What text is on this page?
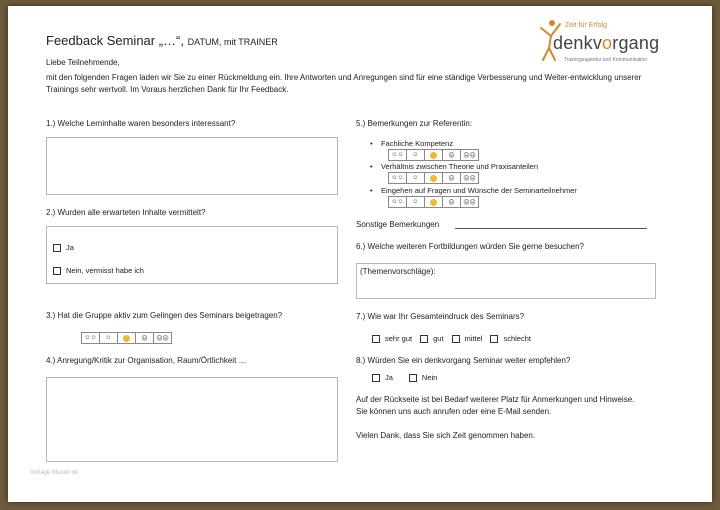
Feedback Seminar „…“, DATUM, mit TRAINER
Zeit für Erfolg
denkvorgang
Trainingsagentur und Kommunikation
Liebe Teilnehmende,
mit den folgenden Fragen laden wir Sie zu einer Rückmeldung ein. Ihre Antworten und Anregungen sind für eine ständige Verbesserung und Weiter-entwicklung unserer Trainings sehr wertvoll. Im Voraus herzlichen Dank für Ihr Feedback.
1.) Welche Lerninhalte waren besonders interessant?
2.) Wurden alle erwarteten Inhalte vermittelt?
Ja
Nein, vermisst habe ich
3.) Hat die Gruppe aktiv zum Gelingen des Seminars beigetragen?
☺☺ ☺	☹ ☹☹
4.) Anregung/Kritik zur Organisation, Raum/Örtlichkeit …
5.) Bemerkungen zur Referentin:
•    Fachliche Kompetenz
☺☺ ☺	☹ ☹☹
•    Verhältnis zwischen Theorie und Praxisanteilen
☺☺ ☺	☹ ☹☹
•    Eingehen auf Fragen und Wünsche der Seminarteilnehmer
☺☺ ☺	☹ ☹☹
Sonstige Bemerkungen
6.) Welche weiteren Fortbildungen würden Sie gerne besuchen?
(Themenvorschläge):
7.) Wie war Ihr Gesamteindruck des Seminars?
sehr gut	gut	mittel	schlecht
8.) Würden Sie ein denkvorgang Seminar weiter empfehlen?
Ja	Nein
Auf der Rückseite ist bei Bedarf weiterer Platz für Anmerkungen und Hinweise. Sie können uns auch anrufen oder eine E-Mail senden.
Vielen Dank, dass Sie sich Zeit genommen haben.
Vorlage Muster.de
